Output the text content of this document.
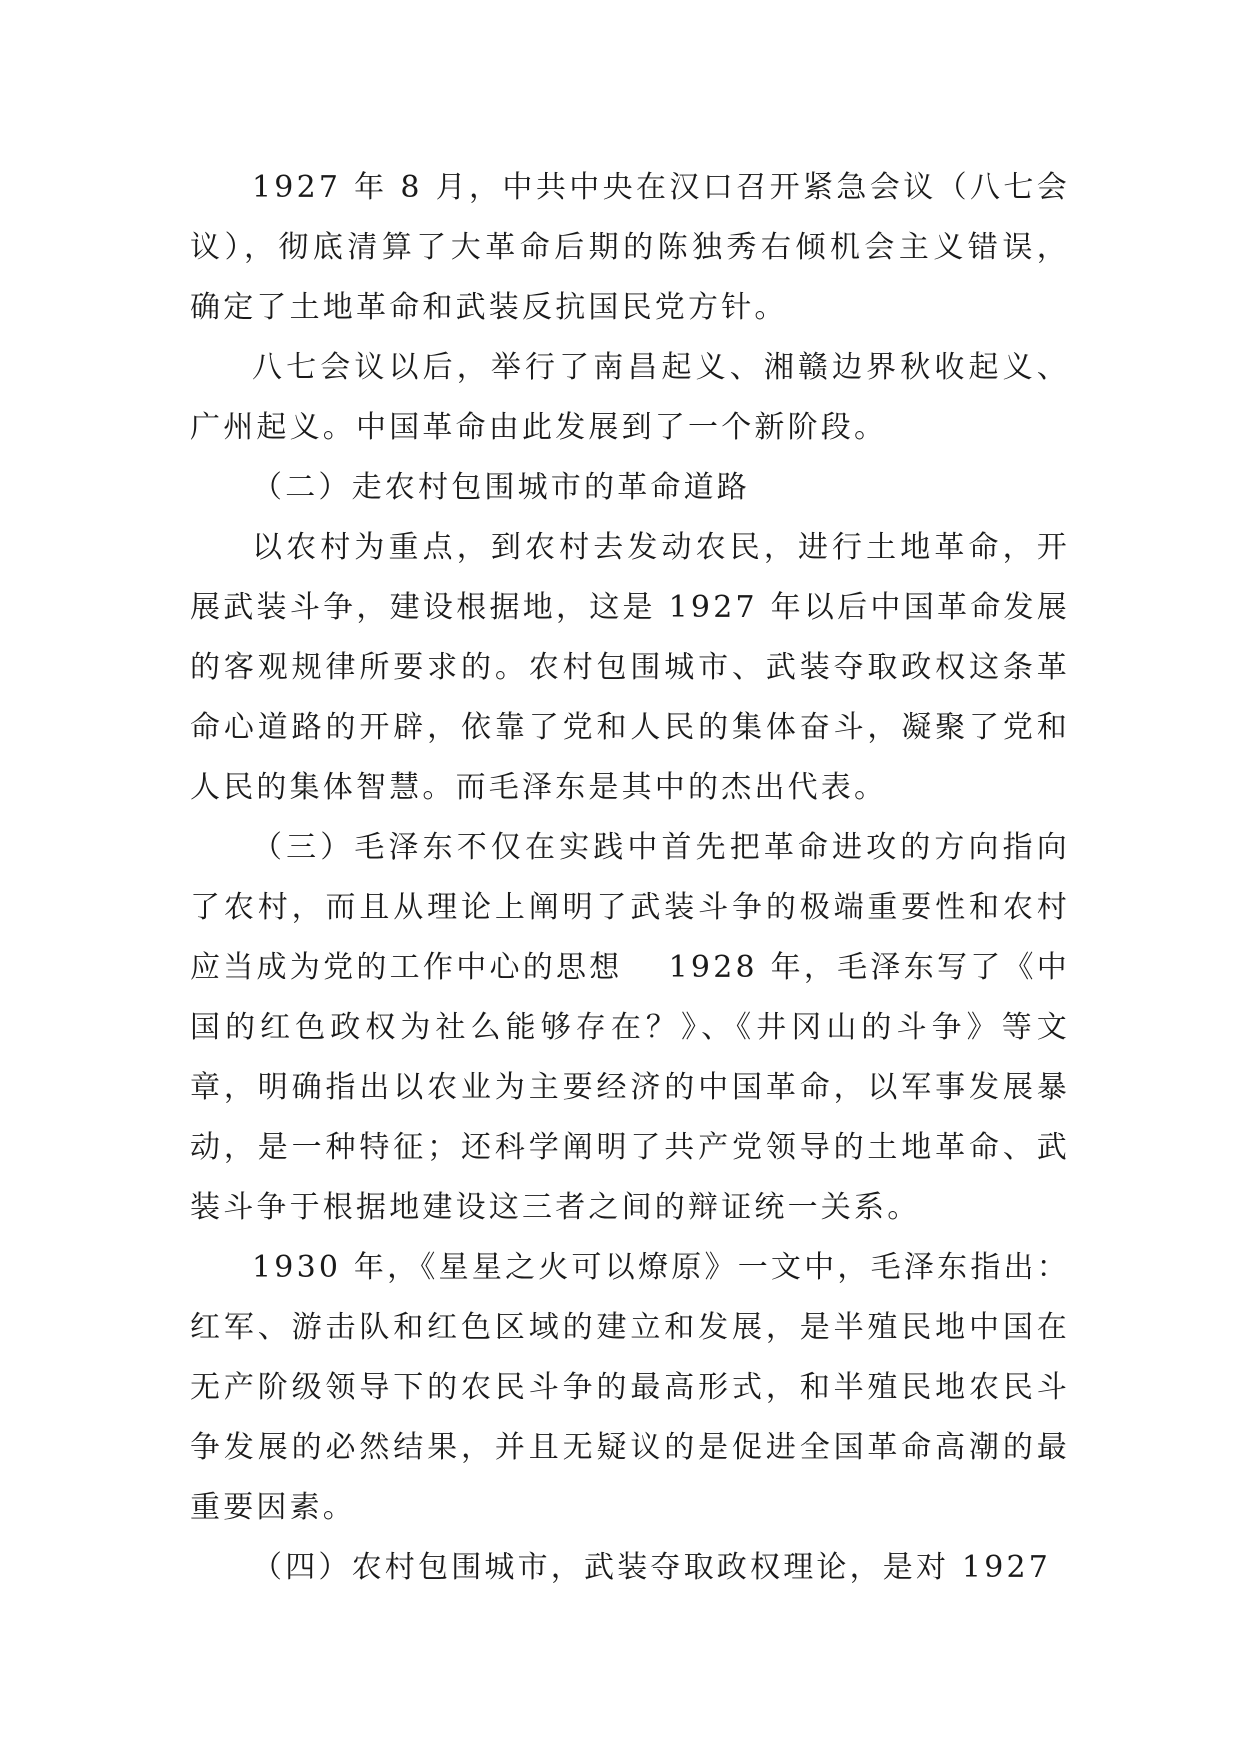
1927 年 8 月，中共中央在汉口召开紧急会议（八七会议），彻底清算了大革命后期的陈独秀右倾机会主义错误，确定了土地革命和武装反抗国民党方针。

八七会议以后，举行了南昌起义、湘赣边界秋收起义、广州起义。中国革命由此发展到了一个新阶段。

（二）走农村包围城市的革命道路

以农村为重点，到农村去发动农民，进行土地革命，开展武装斗争，建设根据地，这是 1927 年以后中国革命发展的客观规律所要求的。农村包围城市、武装夺取政权这条革命心道路的开辟，依靠了党和人民的集体奋斗，凝聚了党和人民的集体智慧。而毛泽东是其中的杰出代表。

（三）毛泽东不仅在实践中首先把革命进攻的方向指向了农村，而且从理论上阐明了武装斗争的极端重要性和农村应当成为党的工作中心的思想　 1928 年，毛泽东写了《中国的红色政权为社么能够存在？》、《井冈山的斗争》等文章，明确指出以农业为主要经济的中国革命，以军事发展暴动，是一种特征；还科学阐明了共产党领导的土地革命、武装斗争于根据地建设这三者之间的辩证统一关系。

1930 年，《星星之火可以燎原》一文中，毛泽东指出：红军、游击队和红色区域的建立和发展，是半殖民地中国在无产阶级领导下的农民斗争的最高形式，和半殖民地农民斗争发展的必然结果，并且无疑议的是促进全国革命高潮的最重要因素。

（四）农村包围城市，武装夺取政权理论，是对 1927
